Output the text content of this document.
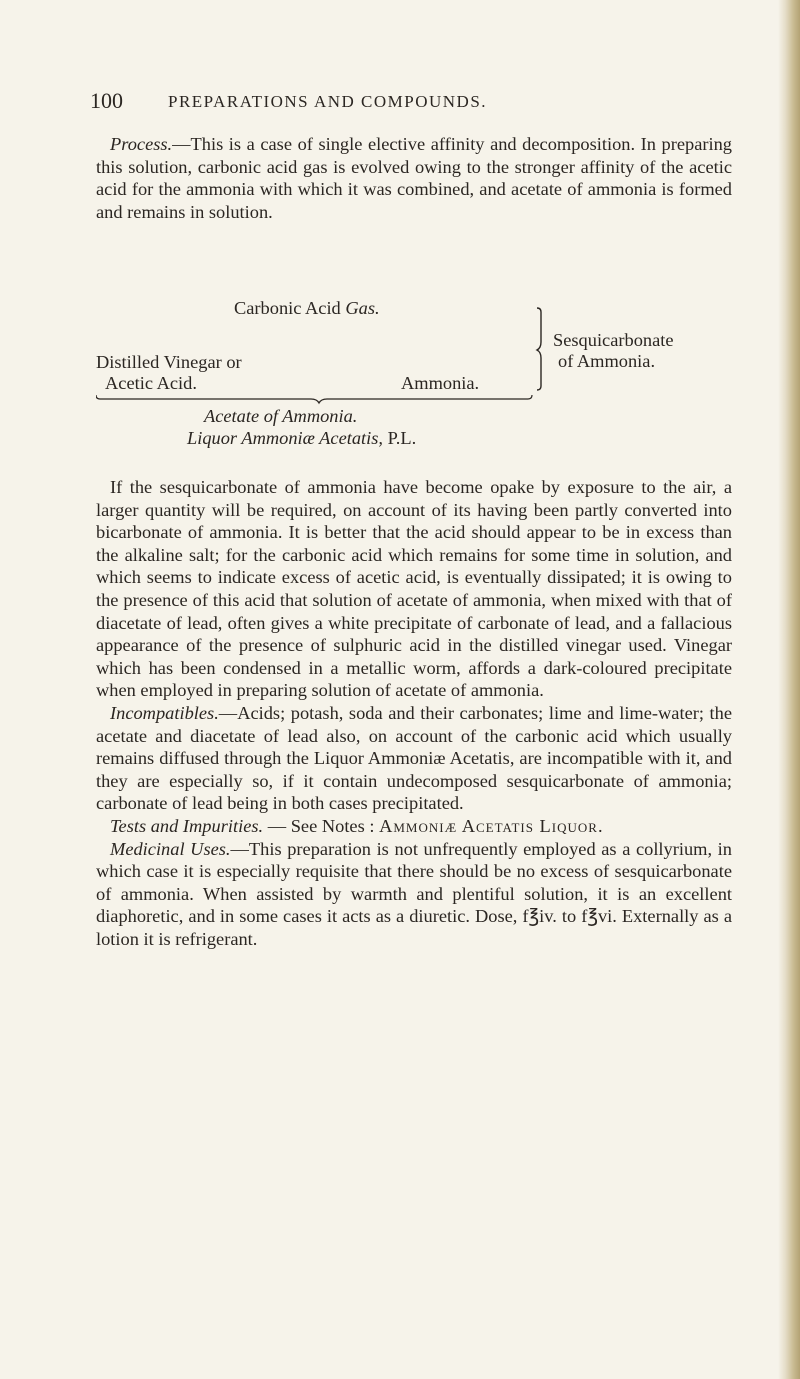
100	PREPARATIONS AND COMPOUNDS.

Process.—This is a case of single elective affinity and decomposition. In preparing this solution, carbonic acid gas is evolved owing to the stronger affinity of the acetic acid for the ammonia with which it was combined, and acetate of ammonia is formed and remains in solution.

Carbonic Acid Gas.
Sesquicarbonate
of Ammonia.
Distilled Vinegar or
Acetic Acid.	Ammonia.
Acetate of Ammonia.
Liquor Ammoniæ Acetatis, P.L.

If the sesquicarbonate of ammonia have become opake by exposure to the air, a larger quantity will be required, on account of its having been partly converted into bicarbonate of ammonia. It is better that the acid should appear to be in excess than the alkaline salt; for the carbonic acid which remains for some time in solution, and which seems to indicate excess of acetic acid, is eventually dissipated; it is owing to the presence of this acid that solution of acetate of ammonia, when mixed with that of diacetate of lead, often gives a white precipitate of carbonate of lead, and a fallacious appearance of the presence of sulphuric acid in the distilled vinegar used. Vinegar which has been condensed in a metallic worm, affords a dark-coloured precipitate when employed in preparing solution of acetate of ammonia.

Incompatibles.—Acids; potash, soda and their carbonates; lime and lime-water; the acetate and diacetate of lead also, on account of the carbonic acid which usually remains diffused through the Liquor Ammoniæ Acetatis, are incompatible with it, and they are especially so, if it contain undecomposed sesquicarbonate of ammonia; carbonate of lead being in both cases precipitated.

Tests and Impurities. — See Notes : Ammoniæ Acetatis Liquor.

Medicinal Uses.—This preparation is not unfrequently employed as a collyrium, in which case it is especially requisite that there should be no excess of sesquicarbonate of ammonia. When assisted by warmth and plentiful solution, it is an excellent diaphoretic, and in some cases it acts as a diuretic. Dose, f℥iv. to f℥vi. Externally as a lotion it is refrigerant.
